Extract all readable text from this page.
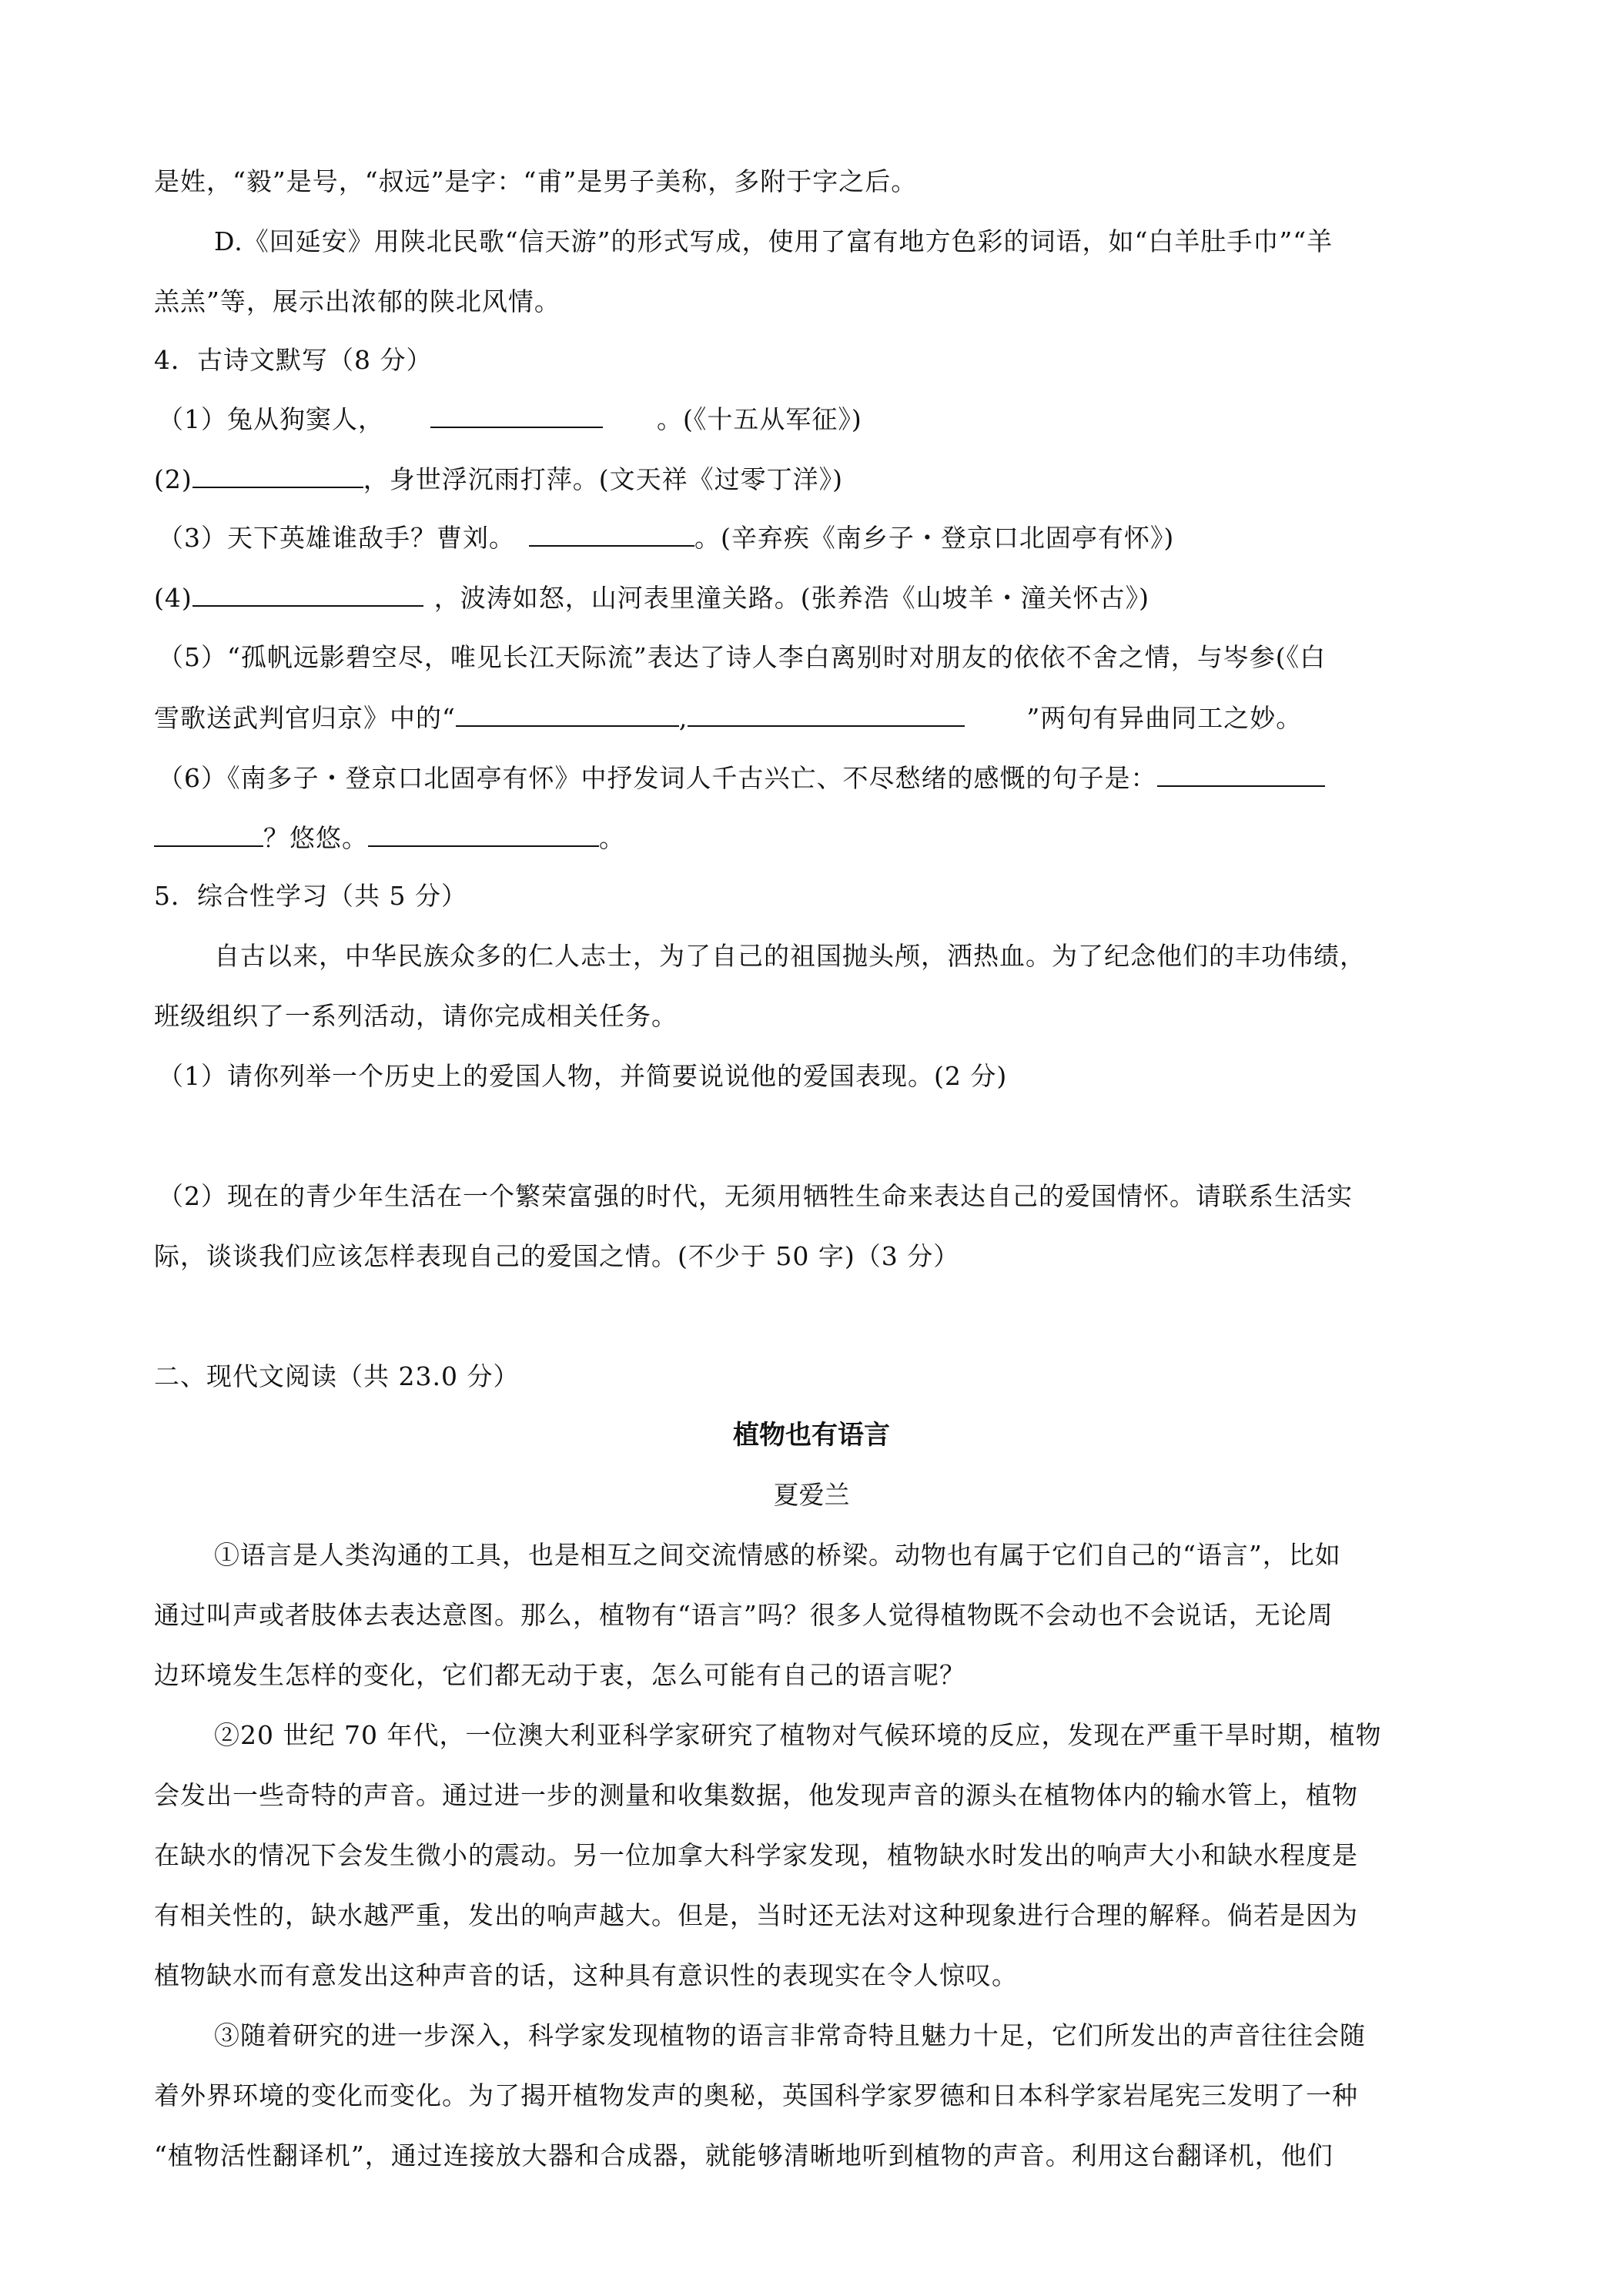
是姓，“毅”是号，“叔远”是字：“甫”是男子美称，多附于字之后。
D.《回延安》用陕北民歌“信天游”的形式写成，使用了富有地方色彩的词语，如“白羊肚手巾”“羊
羔羔”等，展示出浓郁的陕北风情。
4．古诗文默写（8 分）
（1）兔从狗窦人，	。(《十五从军征》)
(2)	，身世浮沉雨打萍。(文天祥《过零丁洋》)
（3）天下英雄谁敌手？曹刘。	。(辛弃疾《南乡子・登京口北固亭有怀》)
(4)	，波涛如怒，山河表里潼关路。(张养浩《山坡羊・潼关怀古》)
（5）“孤帆远影碧空尽，唯见长江天际流”表达了诗人李白离别时对朋友的依依不舍之情，与岑参(《白
雪歌送武判官归京》中的“	,	”两句有异曲同工之妙。
（6）《南多子・登京口北固亭有怀》中抒发词人千古兴亡、不尽愁绪的感慨的句子是：
？悠悠。	。
5．综合性学习（共 5 分）
自古以来，中华民族众多的仁人志士，为了自己的祖国抛头颅，洒热血。为了纪念他们的丰功伟绩，
班级组织了一系列活动，请你完成相关任务。
（1）请你列举一个历史上的爱国人物，并简要说说他的爱国表现。(2 分)
（2）现在的青少年生活在一个繁荣富强的时代，无须用牺牲生命来表达自己的爱国情怀。请联系生活实
际，谈谈我们应该怎样表现自己的爱国之情。(不少于 50 字)（3 分）
二、现代文阅读（共 23.0 分）
植物也有语言
夏爱兰
①语言是人类沟通的工具，也是相互之间交流情感的桥梁。动物也有属于它们自己的“语言”，比如
通过叫声或者肢体去表达意图。那么，植物有“语言”吗？很多人觉得植物既不会动也不会说话，无论周
边环境发生怎样的变化，它们都无动于衷，怎么可能有自己的语言呢？
②20 世纪 70 年代，一位澳大利亚科学家研究了植物对气候环境的反应，发现在严重干旱时期，植物
会发出一些奇特的声音。通过进一步的测量和收集数据，他发现声音的源头在植物体内的输水管上，植物
在缺水的情况下会发生微小的震动。另一位加拿大科学家发现，植物缺水时发出的响声大小和缺水程度是
有相关性的，缺水越严重，发出的响声越大。但是，当时还无法对这种现象进行合理的解释。倘若是因为
植物缺水而有意发出这种声音的话，这种具有意识性的表现实在令人惊叹。
③随着研究的进一步深入，科学家发现植物的语言非常奇特且魅力十足，它们所发出的声音往往会随
着外界环境的变化而变化。为了揭开植物发声的奥秘，英国科学家罗德和日本科学家岩尾宪三发明了一种
“植物活性翻译机”，通过连接放大器和合成器，就能够清晰地听到植物的声音。利用这台翻译机，他们
